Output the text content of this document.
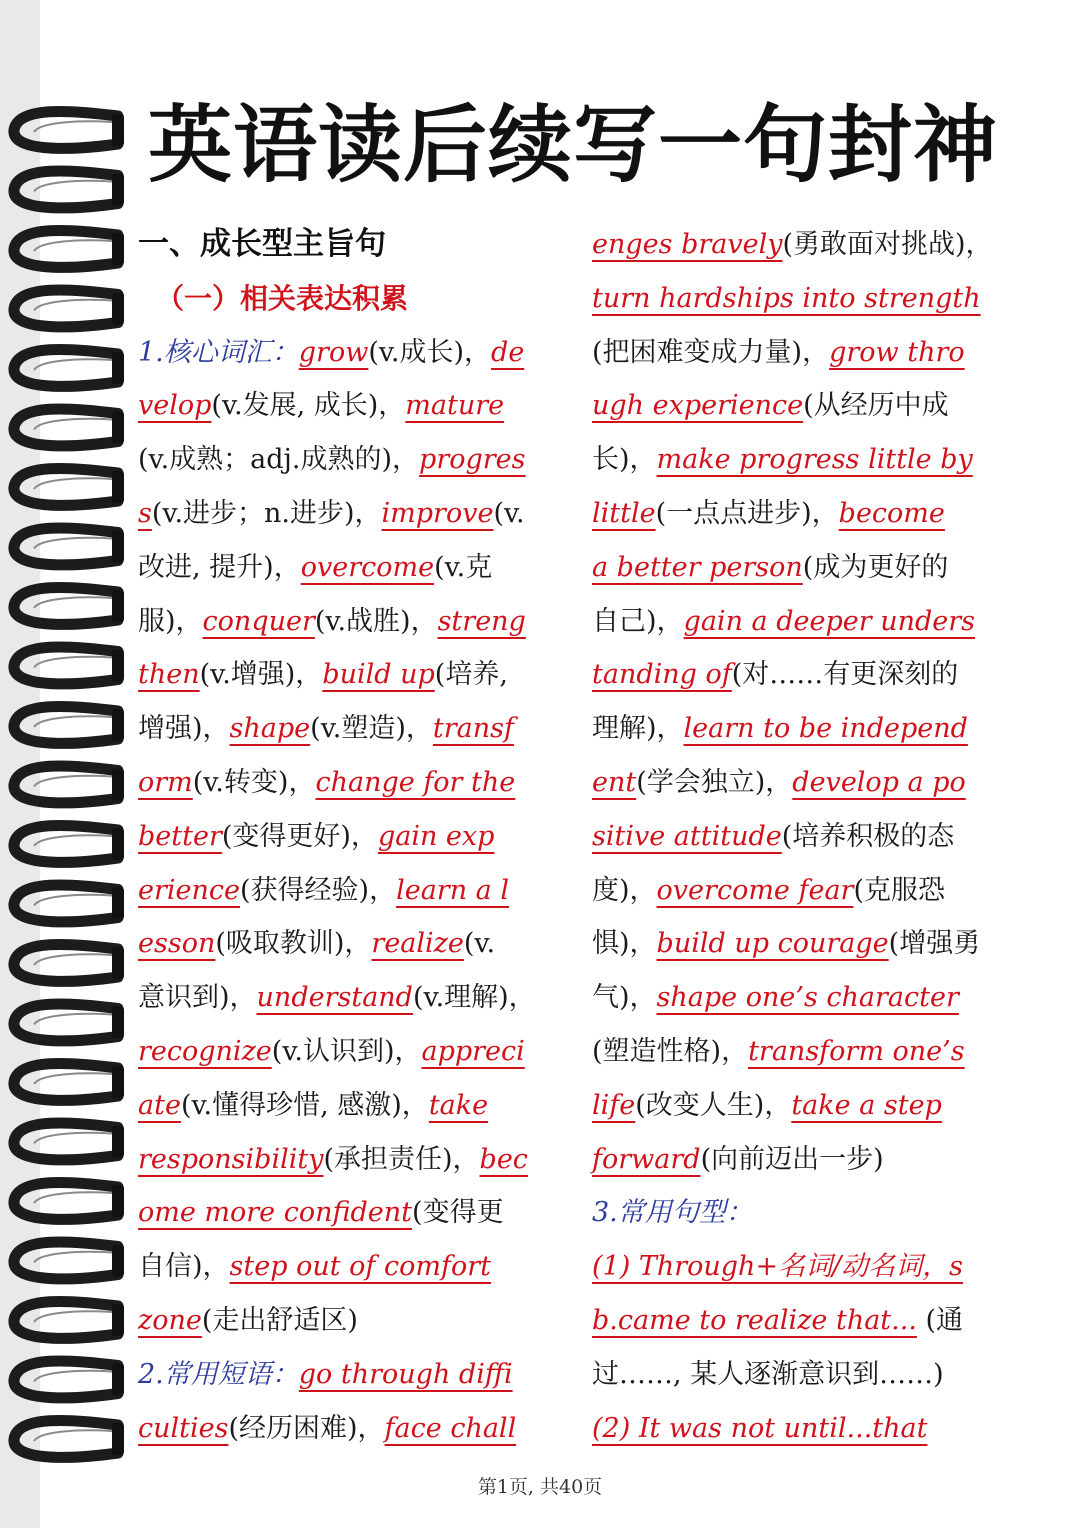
英语读后续写一句封神
一、成长型主旨句
（一）相关表达积累
1.核心词汇：grow(v.成长)，de
velop(v.发展, 成长)，mature
(v.成熟；adj.成熟的)，progres
s(v.进步；n.进步)，improve(v.
改进, 提升)，overcome(v.克
服)，conquer(v.战胜)，streng
then(v.增强)，build up(培养,
增强)，shape(v.塑造)，transf
orm(v.转变)，change for the
better(变得更好)，gain exp
erience(获得经验)，learn a l
esson(吸取教训)，realize(v.
意识到)，understand(v.理解)，
recognize(v.认识到)，appreci
ate(v.懂得珍惜, 感激)，take
responsibility(承担责任)，bec
ome more confident(变得更
自信)，step out of comfort
zone(走出舒适区)
2.常用短语：go through diffi
culties(经历困难)，face chall
enges bravely(勇敢面对挑战)，
turn hardships into strength
(把困难变成力量)，grow thro
ugh experience(从经历中成
长)，make progress little by
little(一点点进步)，become
a better person(成为更好的
自己)，gain a deeper unders
tanding of(对……有更深刻的
理解)，learn to be independ
ent(学会独立)，develop a po
sitive attitude(培养积极的态
度)，overcome fear(克服恐
惧)，build up courage(增强勇
气)，shape one’s character
(塑造性格)，transform one’s
life(改变人生)，take a step
forward(向前迈出一步)
3.常用句型：
(1) Through+名词/动名词，s
b.came to realize that... (通
过……, 某人逐渐意识到……)
(2) It was not until...that
第1页, 共40页
